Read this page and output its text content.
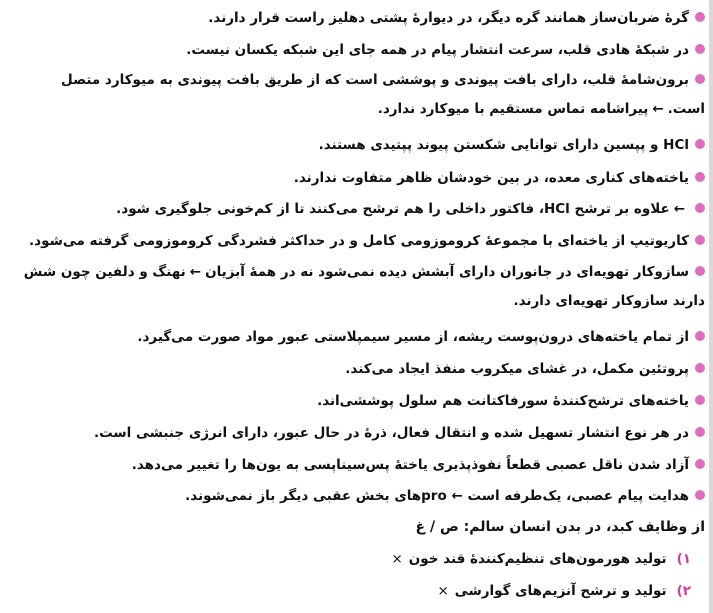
گرهٔ ضربان‌ساز همانند گره دیگر، در دیوارهٔ پشتی دهلیز راست قرار دارند.
در شبکهٔ هادی قلب، سرعت انتشار پیام در همه جای این شبکه یکسان نیست.
برون‌شامهٔ قلب، دارای بافت پیوندی و پوششی است که از طریق بافت پیوندی به میوکارد متصل است.←پیراشامه تماس مستقیم با میوکارد ندارد.
HCl و پپسین دارای توانایی شکستن پیوند پپتیدی هستند.
یاخته‌های کناری معده، در بین خودشان ظاهر متفاوت ندارند.
←علاوه بر ترشح HCl، فاکتور داخلی را هم ترشح می‌کنند تا از کم‌خونی جلوگیری شود.
کاریوتیپ از یاخته‌ای با مجموعهٔ کروموزومی کامل و در حداکثر فشردگی کروموزومی گرفته می‌شود.
سازوکار تهویه‌ای در جانوران دارای آبشش دیده نمی‌شود نه در همهٔ آبزیان←نهنگ و دلفین چون شش دارند سازوکار تهویه‌ای دارند.
از تمام یاخته‌های درون‌پوست ریشه، از مسیر سیمپلاستی عبور مواد صورت می‌گیرد.
پروتئین مکمل، در غشای میکروب منفذ ایجاد می‌کند.
یاخته‌های ترشح‌کنندهٔ سورفاکتانت هم سلول پوششی‌اند.
در هر نوع انتشار تسهیل شده و انتقال فعال، ذرهٔ در حال عبور، دارای انرژی جنبشی است.
آزاد شدن ناقل عصبی قطعاً نفوذپذیری یاختهٔ پس‌سیناپسی به یون‌ها را تغییر می‌دهد.
هدایت پیام عصبی، یک‌طرفه است ← proهای بخش عقبی دیگر باز نمی‌شوند.
از وظایف کبد، در بدن انسان سالم: ص / غ
۱)تولید هورمون‌های تنظیم‌کنندهٔ قند خون×
۲)تولید و ترشح آنزیم‌های گوارشی×
